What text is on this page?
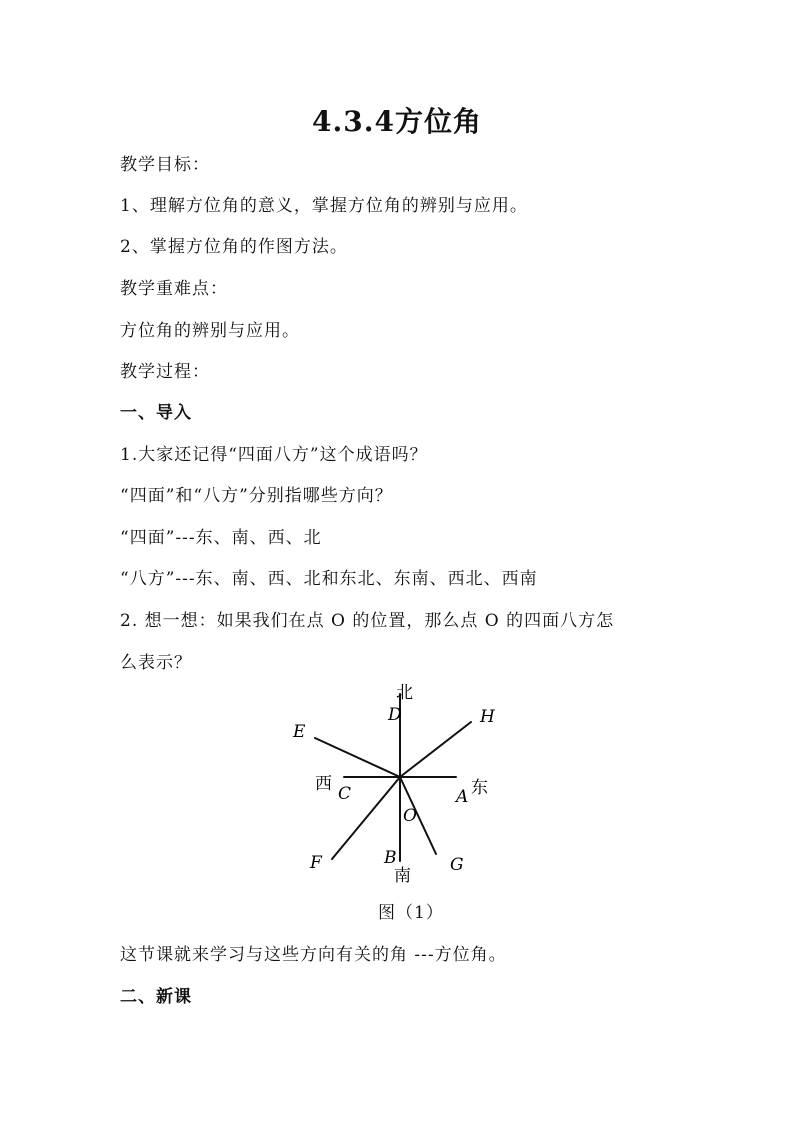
4.3.4方位角
教学目标：
1、理解方位角的意义，掌握方位角的辨别与应用。
2、掌握方位角的作图方法。
教学重难点：
方位角的辨别与应用。
教学过程：
一、导入
1.大家还记得“四面八方”这个成语吗？
“四面”和“八方”分别指哪些方向？
“四面”---东、南、西、北
“八方”---东、南、西、北和东北、东南、西北、西南
2. 想一想：如果我们在点 O 的位置，那么点 O 的四面八方怎
么表示？
北
南
东
西
D	H
E
C	A
O
B
F	G
图（1）
这节课就来学习与这些方向有关的角 ---方位角。
二、新课
